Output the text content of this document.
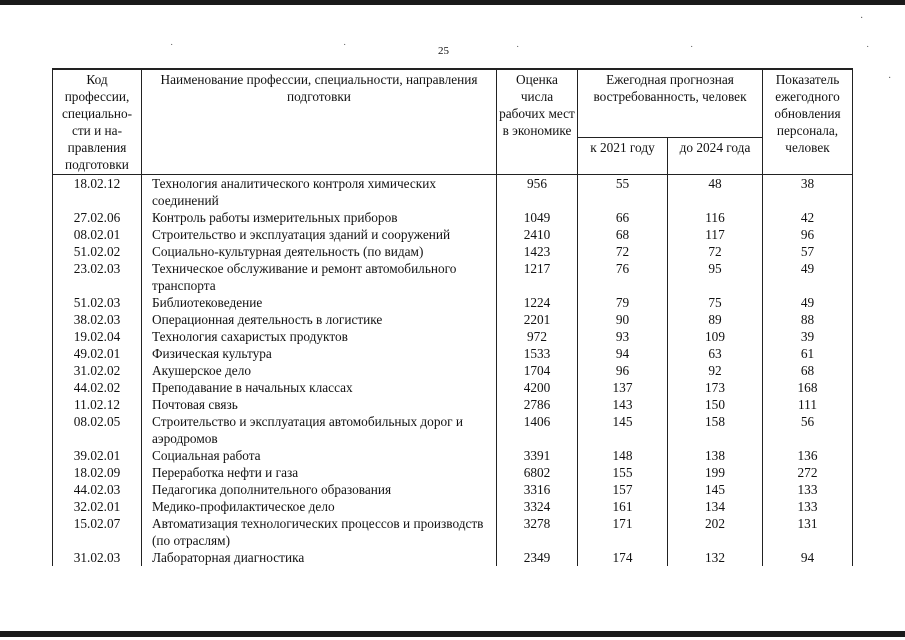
˙	˙	˙	˙	˙
·
·
25
Код профессии, специально-сти и на-правления подготовки	Наименование профессии, специальности, направления подготовки	Оценка числа рабочих мест в экономике	Ежегодная прогнозная востребованность, человек		Показатель ежегодного обновления персонала, человек
			к 2021 году	до 2024 года	
18.02.12	Технология аналитического контроля химических соединений	956	55	48	38
27.02.06	Контроль работы измерительных приборов	1049	66	116	42
08.02.01	Строительство и эксплуатация зданий и сооружений	2410	68	117	96
51.02.02	Социально-культурная деятельность (по видам)	1423	72	72	57
23.02.03	Техническое обслуживание и ремонт автомобильного транспорта	1217	76	95	49
51.02.03	Библиотековедение	1224	79	75	49
38.02.03	Операционная деятельность в логистике	2201	90	89	88
19.02.04	Технология сахаристых продуктов	972	93	109	39
49.02.01	Физическая культура	1533	94	63	61
31.02.02	Акушерское дело	1704	96	92	68
44.02.02	Преподавание в начальных классах	4200	137	173	168
11.02.12	Почтовая связь	2786	143	150	111
08.02.05	Строительство и эксплуатация автомобильных дорог и аэродромов	1406	145	158	56
39.02.01	Социальная работа	3391	148	138	136
18.02.09	Переработка нефти и газа	6802	155	199	272
44.02.03	Педагогика дополнительного образования	3316	157	145	133
32.02.01	Медико-профилактическое дело	3324	161	134	133
15.02.07	Автоматизация технологических процессов и производств (по отраслям)	3278	171	202	131
31.02.03	Лабораторная диагностика	2349	174	132	94
